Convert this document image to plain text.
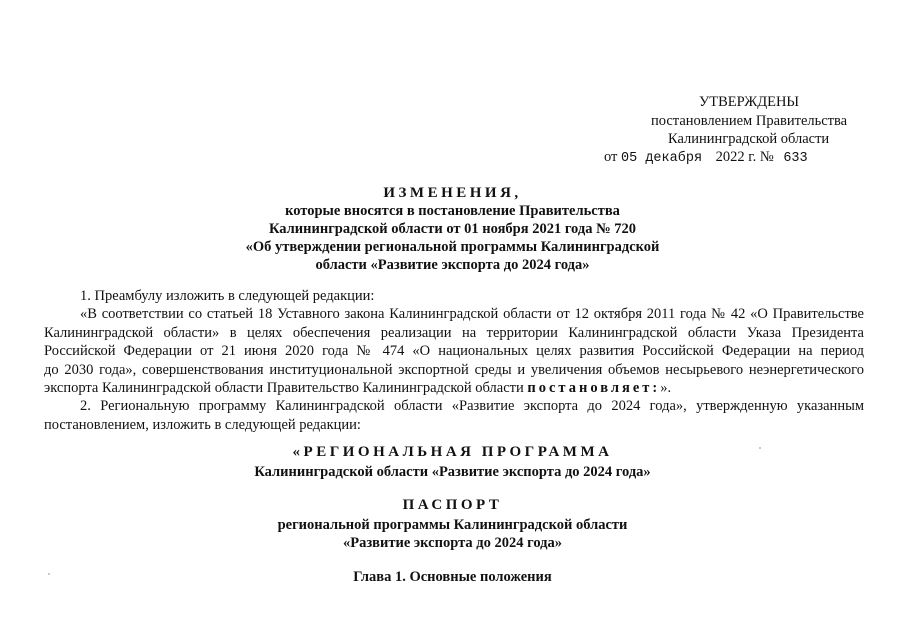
УТВЕРЖДЕНЫ
постановлением Правительства
Калининградской области
от 05 декабря 2022 г. № 633
ИЗМЕНЕНИЯ,
которые вносятся в постановление Правительства
Калининградской области от 01 ноября 2021 года № 720
«Об утверждении региональной программы Калининградской
области «Развитие экспорта до 2024 года»
1. Преамбулу изложить в следующей редакции:
«В соответствии со статьей 18 Уставного закона Калининградской области от 12 октября 2011 года № 42 «О Правительстве
Калининградской области» в целях обеспечения реализации на территории Калининградской области Указа Президента
Российской Федерации от 21 июня 2020 года № 474 «О национальных целях развития Российской Федерации на период
до 2030 года», совершенствования институциональной экспортной среды и увеличения объемов несырьевого неэнергетического
экспорта Калининградской области Правительство Калининградской области постановляет:».
2. Региональную программу Калининградской области «Развитие экспорта до 2024 года», утвержденную указанным
постановлением, изложить в следующей редакции:
«РЕГИОНАЛЬНАЯ ПРОГРАММА
Калининградской области «Развитие экспорта до 2024 года»
ПАСПОРТ
региональной программы Калининградской области
«Развитие экспорта до 2024 года»
Глава 1. Основные положения
